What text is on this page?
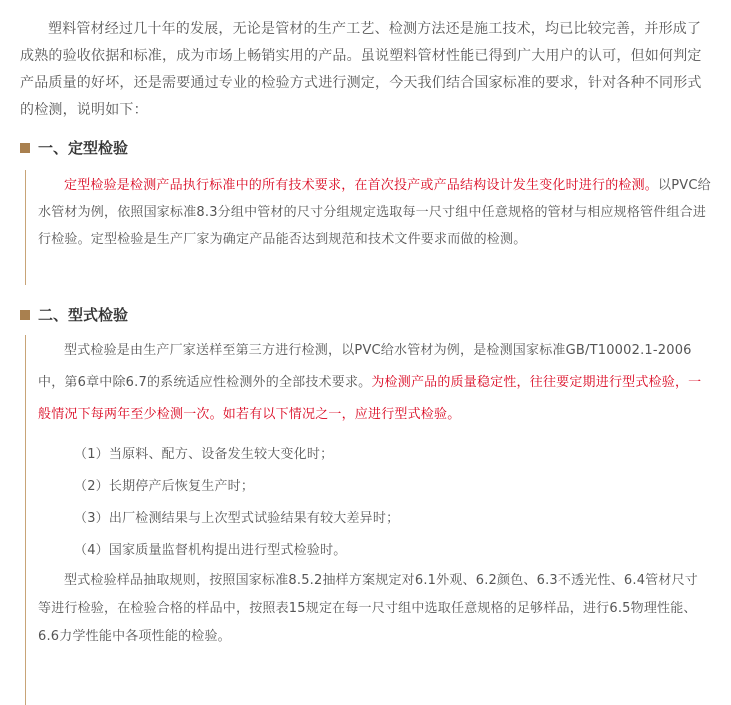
塑料管材经过几十年的发展，无论是管材的生产工艺、检测方法还是施工技术，均已比较完善，并形成了成熟的验收依据和标准，成为市场上畅销实用的产品。虽说塑料管材性能已得到广大用户的认可，但如何判定产品质量的好坏，还是需要通过专业的检验方式进行测定，今天我们结合国家标准的要求，针对各种不同形式的检测，说明如下：

一、定型检验

定型检验是检测产品执行标准中的所有技术要求，在首次投产或产品结构设计发生变化时进行的检测。以PVC给水管材为例，依照国家标准8.3分组中管材的尺寸分组规定选取每一尺寸组中任意规格的管材与相应规格管件组合进行检验。定型检验是生产厂家为确定产品能否达到规范和技术文件要求而做的检测。

二、型式检验

型式检验是由生产厂家送样至第三方进行检测，以PVC给水管材为例，是检测国家标准GB/T10002.1-2006中，第6章中除6.7的系统适应性检测外的全部技术要求。为检测产品的质量稳定性，往往要定期进行型式检验，一般情况下每两年至少检测一次。如若有以下情况之一，应进行型式检验。

（1）当原料、配方、设备发生较大变化时；

（2）长期停产后恢复生产时；

（3）出厂检测结果与上次型式试验结果有较大差异时；

（4）国家质量监督机构提出进行型式检验时。

型式检验样品抽取规则，按照国家标准8.5.2抽样方案规定对6.1外观、6.2颜色、6.3不透光性、6.4管材尺寸等进行检验，在检验合格的样品中，按照表15规定在每一尺寸组中选取任意规格的足够样品，进行6.5物理性能、6.6力学性能中各项性能的检验。
